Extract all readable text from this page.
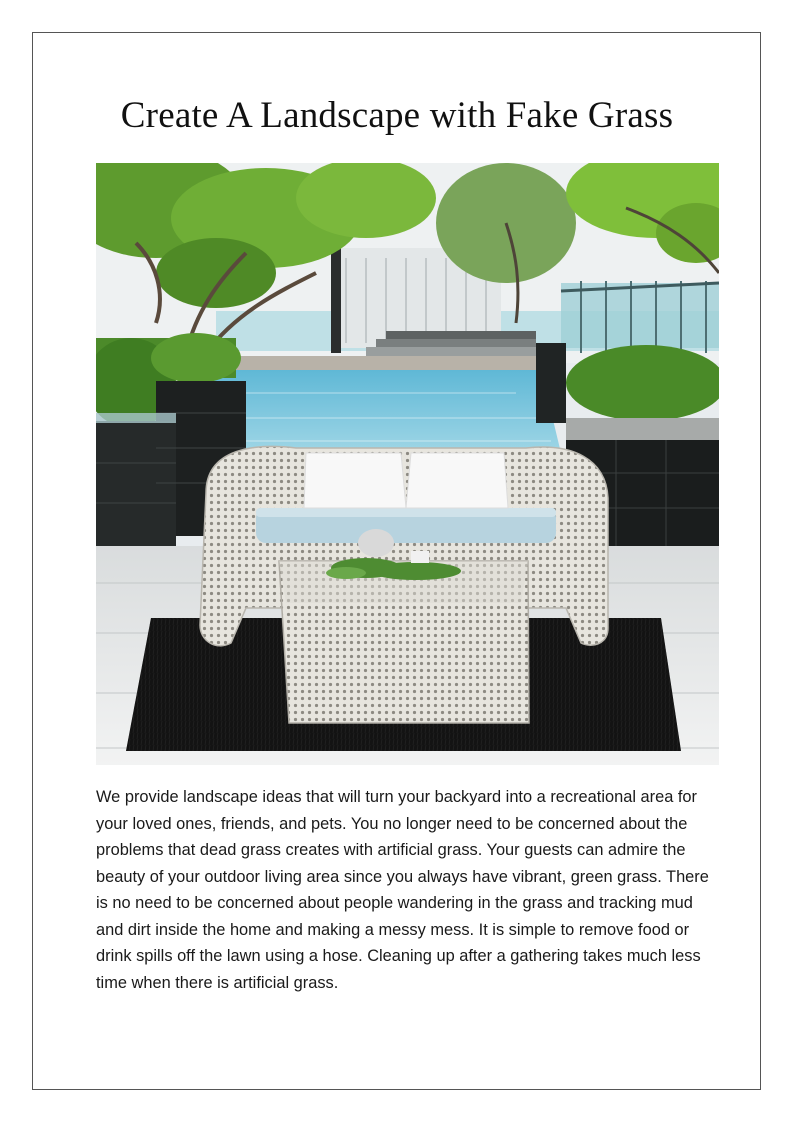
Create A Landscape with Fake Grass

We provide landscape ideas that will turn your backyard into a recreational area for your loved ones, friends, and pets. You no longer need to be concerned about the problems that dead grass creates with artificial grass. Your guests can admire the beauty of your outdoor living area since you always have vibrant, green grass. There is no need to be concerned about people wandering in the grass and tracking mud and dirt inside the home and making a messy mess. It is simple to remove food or drink spills off the lawn using a hose. Cleaning up after a gathering takes much less time when there is artificial grass.
